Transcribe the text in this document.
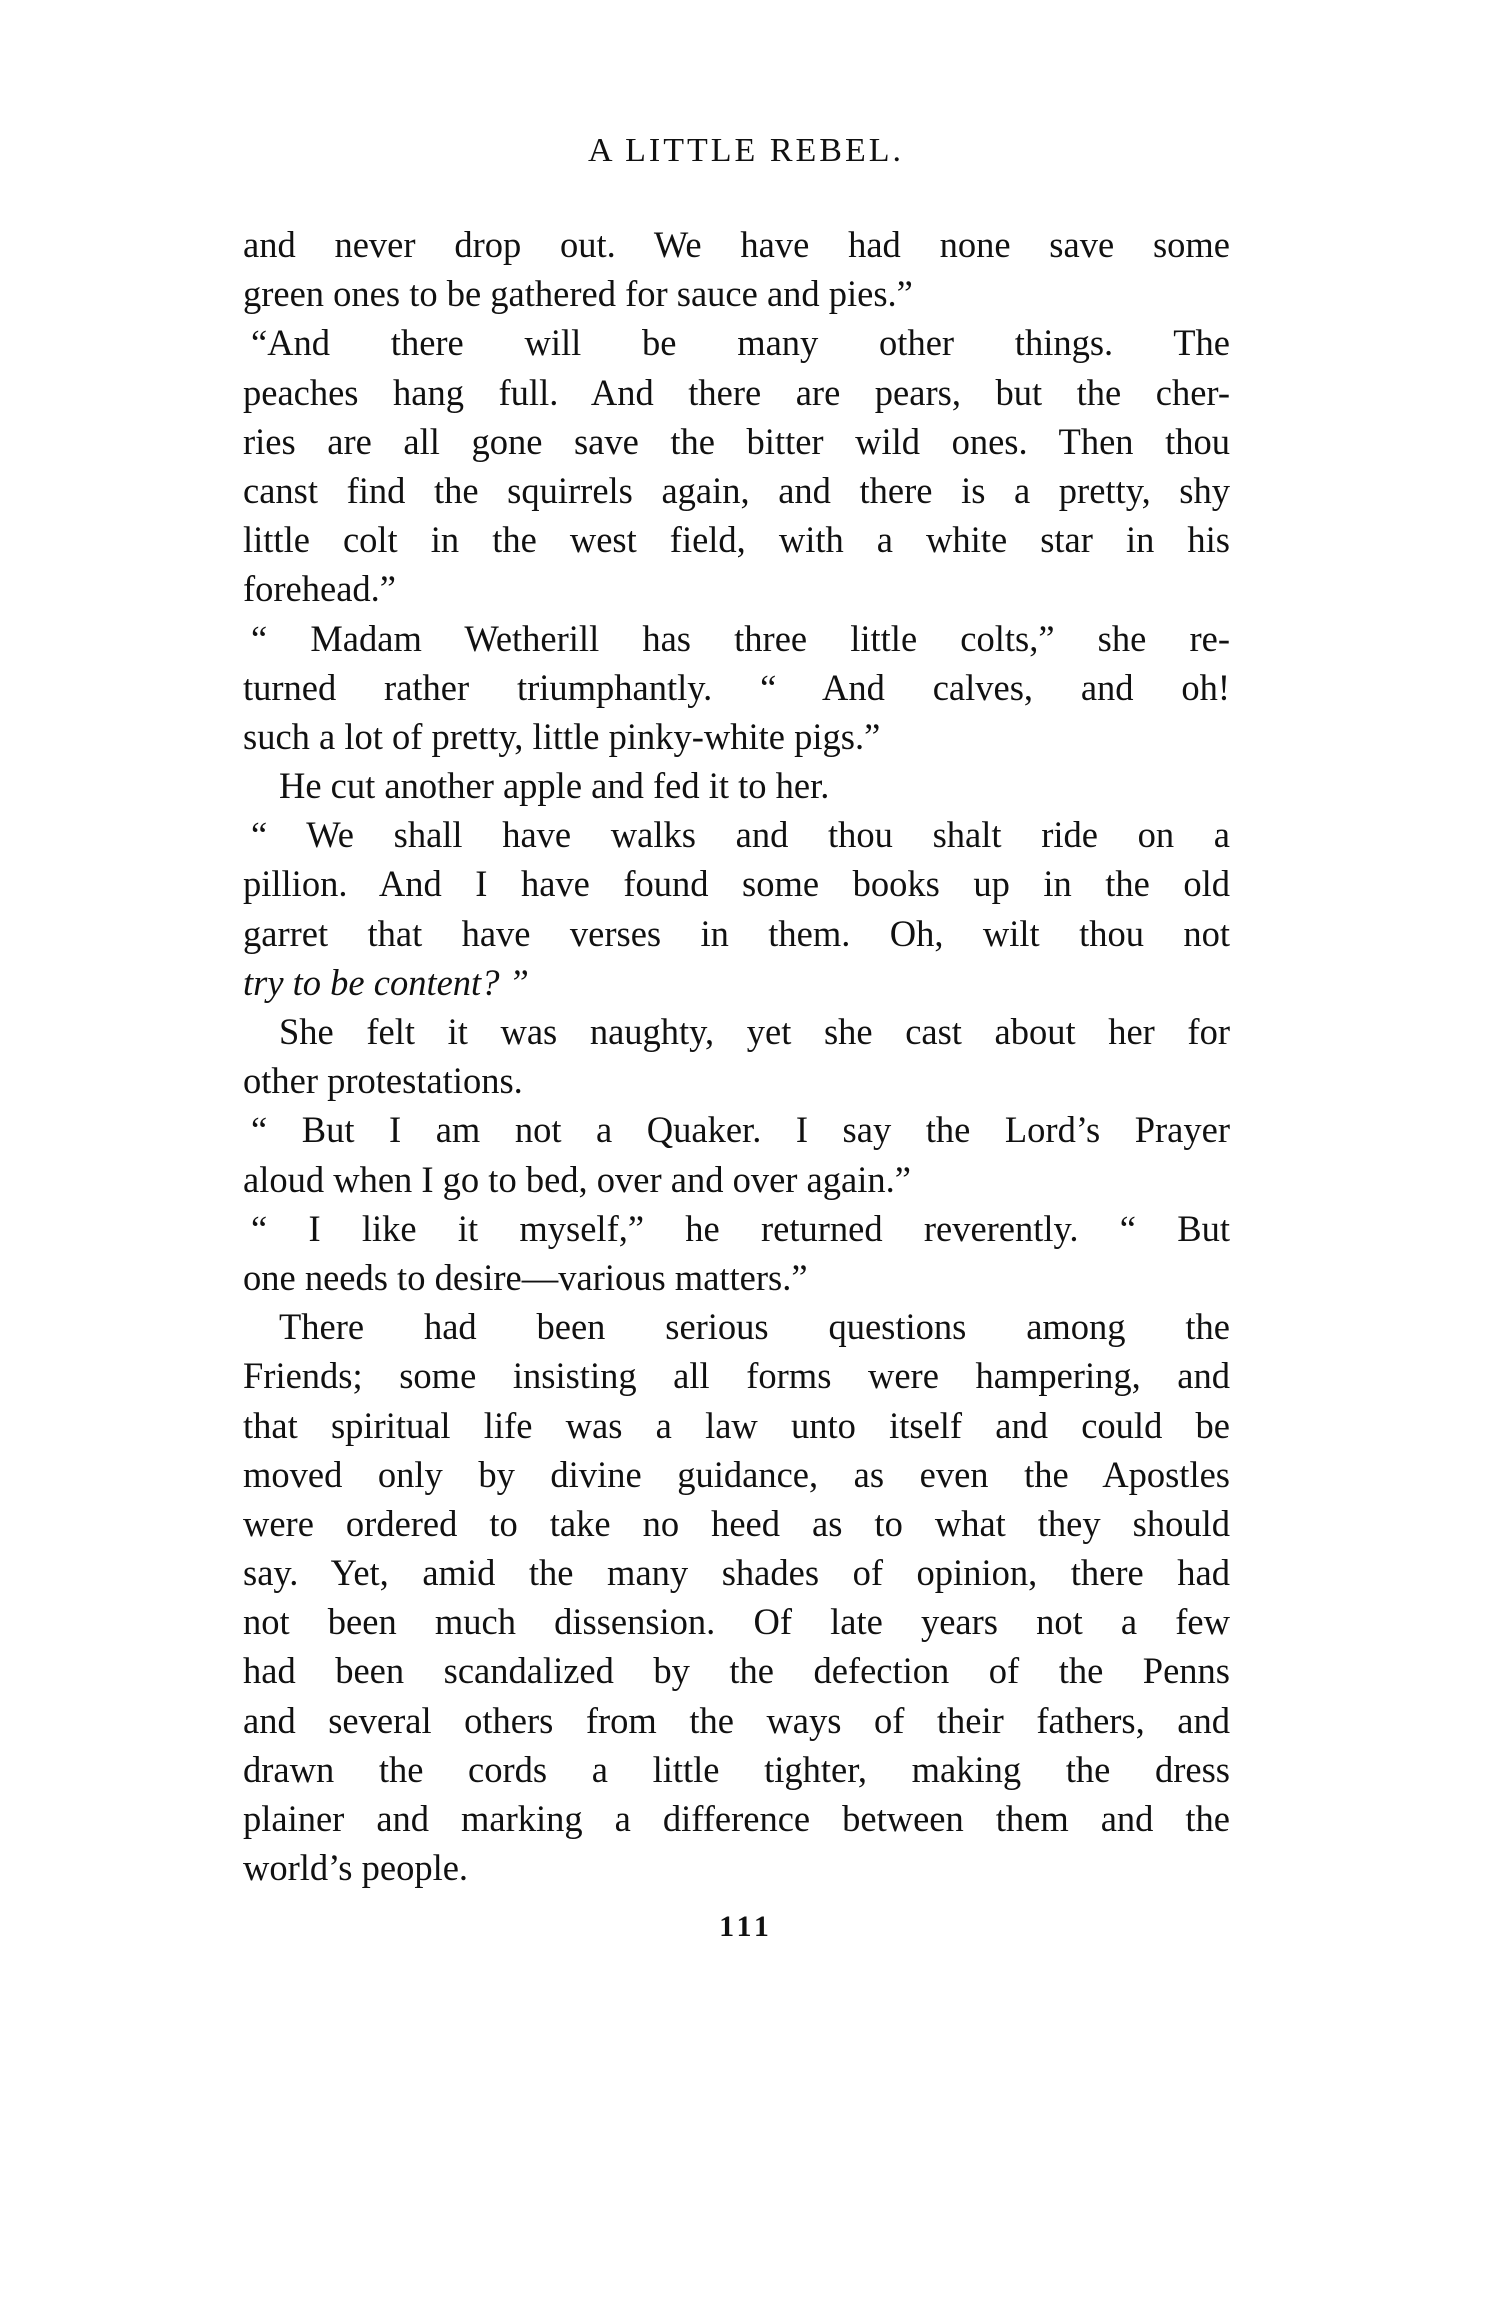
A LITTLE REBEL.
and never drop out. We have had none save some
green ones to be gathered for sauce and pies.”
“And there will be many other things. The
peaches hang full. And there are pears, but the cher-
ries are all gone save the bitter wild ones. Then thou
canst find the squirrels again, and there is a pretty, shy
little colt in the west field, with a white star in his
forehead.”
“ Madam Wetherill has three little colts,” she re-
turned rather triumphantly. “ And calves, and oh!
such a lot of pretty, little pinky-white pigs.”
He cut another apple and fed it to her.
“ We shall have walks and thou shalt ride on a
pillion. And I have found some books up in the old
garret that have verses in them. Oh, wilt thou not
try to be content? ”
She felt it was naughty, yet she cast about her for
other protestations.
“ But I am not a Quaker. I say the Lord’s Prayer
aloud when I go to bed, over and over again.”
“ I like it myself,” he returned reverently. “ But
one needs to desire—various matters.”
There had been serious questions among the
Friends; some insisting all forms were hampering, and
that spiritual life was a law unto itself and could be
moved only by divine guidance, as even the Apostles
were ordered to take no heed as to what they should
say. Yet, amid the many shades of opinion, there had
not been much dissension. Of late years not a few
had been scandalized by the defection of the Penns
and several others from the ways of their fathers, and
drawn the cords a little tighter, making the dress
plainer and marking a difference between them and the
world’s people.
111
